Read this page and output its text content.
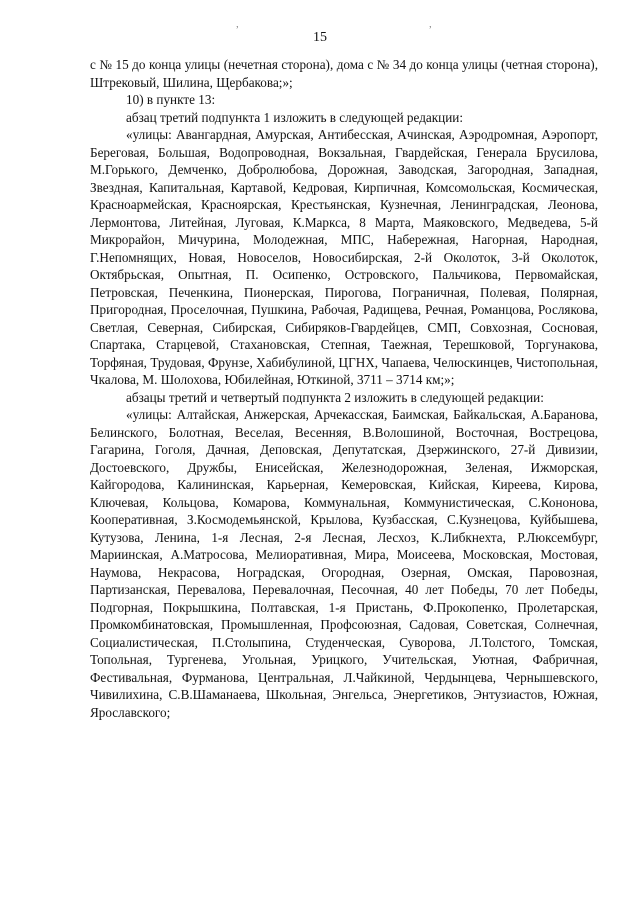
,	,
15

с № 15 до конца улицы (нечетная сторона), дома с № 34 до конца улицы (четная сторона), Штрековый, Шилина, Щербакова;»;

10) в пункте 13:

абзац третий подпункта 1 изложить в следующей редакции:

«улицы: Авангардная, Амурская, Антибесская, Ачинская, Аэродромная, Аэропорт, Береговая, Большая, Водопроводная, Вокзальная, Гвардейская, Генерала Брусилова, М.Горького, Демченко, Добролюбова, Дорожная, Заводская, Загородная, Западная, Звездная, Капитальная, Картавой, Кедровая, Кирпичная, Комсомольская, Космическая, Красноармейская, Красноярская, Крестьянская, Кузнечная, Ленинградская, Леонова, Лермонтова, Литейная, Луговая, К.Маркса, 8 Марта, Маяковского, Медведева, 5-й Микрорайон, Мичурина, Молодежная, МПС, Набережная, Нагорная, Народная, Г.Непомнящих, Новая, Новоселов, Новосибирская, 2-й Околоток, 3-й Околоток, Октябрьская, Опытная, П. Осипенко, Островского, Пальчикова, Первомайская, Петровская, Печенкина, Пионерская, Пирогова, Пограничная, Полевая, Полярная, Пригородная, Проселочная, Пушкина, Рабочая, Радищева, Речная, Романцова, Рослякова, Светлая, Северная, Сибирская, Сибиряков-Гвардейцев, СМП, Совхозная, Сосновая, Спартака, Старцевой, Стахановская, Степная, Таежная, Терешковой, Торгунакова, Торфяная, Трудовая, Фрунзе, Хабибулиной, ЦГНХ, Чапаева, Челюскинцев, Чистопольная, Чкалова, М. Шолохова, Юбилейная, Юткиной, 3711 – 3714 км;»;

абзацы третий и четвертый подпункта 2 изложить в следующей редакции:

«улицы: Алтайская, Анжерская, Арчекасская, Баимская, Байкальская, А.Баранова, Белинского, Болотная, Веселая, Весенняя, В.Волошиной, Восточная, Вострецова, Гагарина, Гоголя, Дачная, Деповская, Депутатская, Дзержинского, 27-й Дивизии, Достоевского, Дружбы, Енисейская, Железнодорожная, Зеленая, Ижморская, Кайгородова, Калининская, Карьерная, Кемеровская, Кийская, Киреева, Кирова, Ключевая, Кольцова, Комарова, Коммунальная, Коммунистическая, С.Кононова, Кооперативная, З.Космодемьянской, Крылова, Кузбасская, С.Кузнецова, Куйбышева, Кутузова, Ленина, 1-я Лесная, 2-я Лесная, Лесхоз, К.Либкнехта, Р.Люксембург, Мариинская, А.Матросова, Мелиоративная, Мира, Моисеева, Московская, Мостовая, Наумова, Некрасова, Ноградская, Огородная, Озерная, Омская, Паровозная, Партизанская, Перевалова, Перевалочная, Песочная, 40 лет Победы, 70 лет Победы, Подгорная, Покрышкина, Полтавская, 1-я Пристань, Ф.Прокопенко, Пролетарская, Промкомбинатовская, Промышленная, Профсоюзная, Садовая, Советская, Солнечная, Социалистическая, П.Столыпина, Студенческая, Суворова, Л.Толстого, Томская, Топольная, Тургенева, Угольная, Урицкого, Учительская, Уютная, Фабричная, Фестивальная, Фурманова, Центральная, Л.Чайкиной, Чердынцева, Чернышевского, Чивилихина, С.В.Шаманаева, Школьная, Энгельса, Энергетиков, Энтузиастов, Южная, Ярославского;
